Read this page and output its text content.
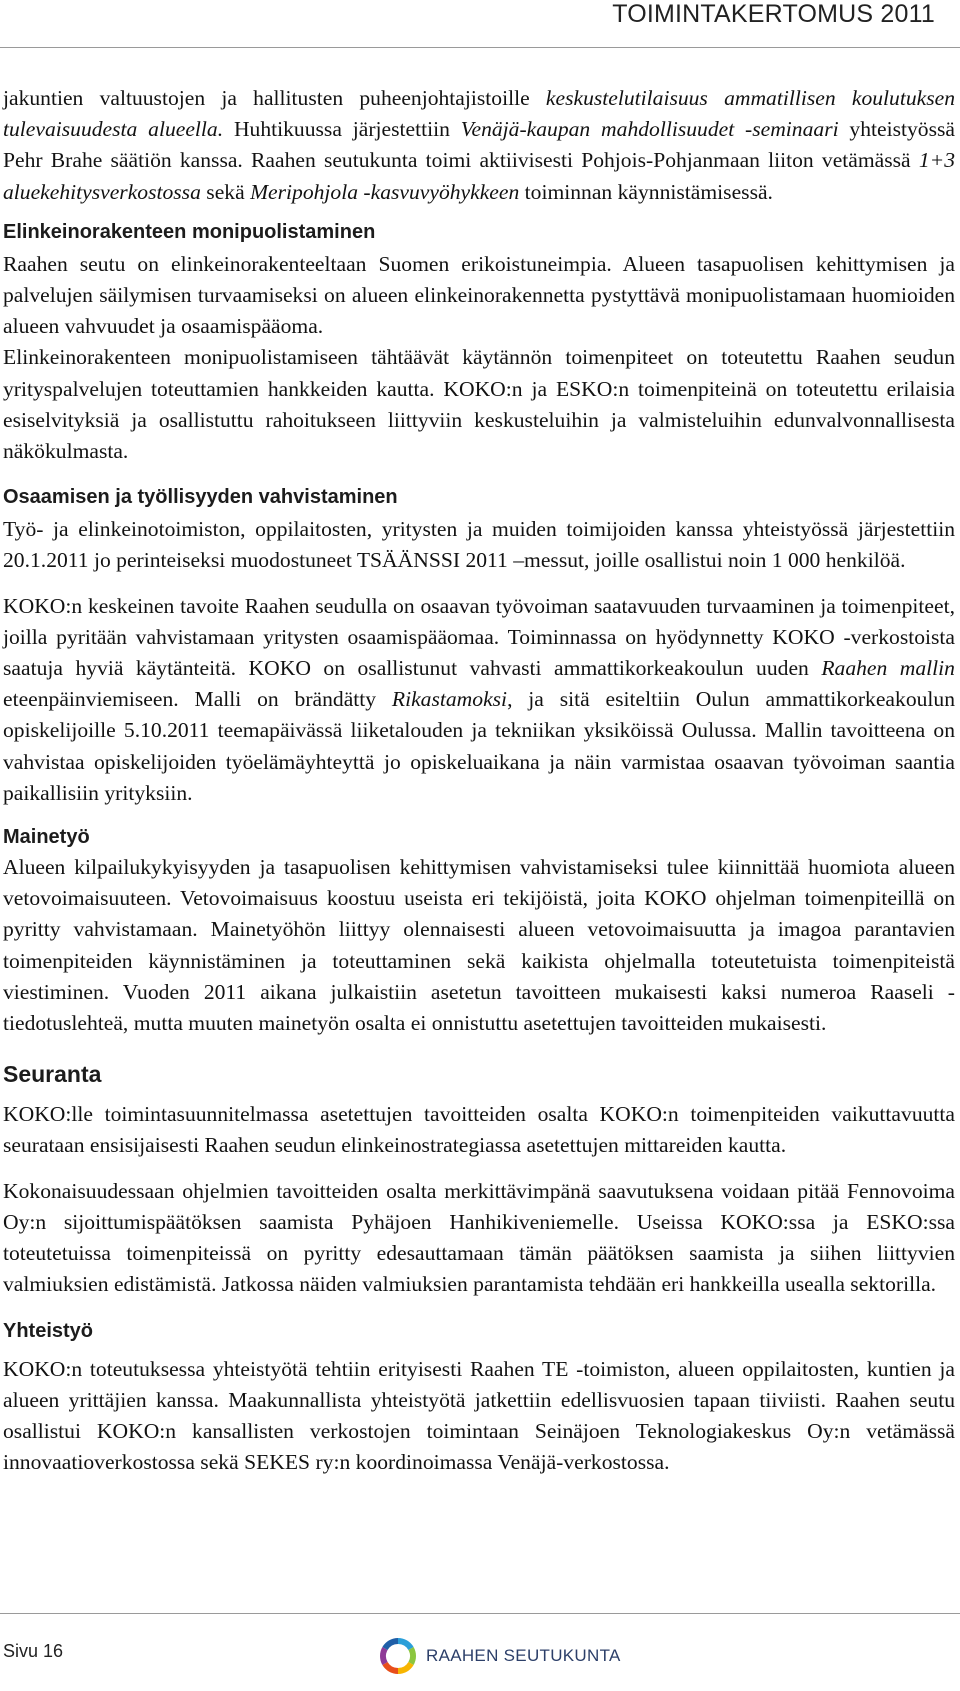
TOIMINTAKERTOMUS 2011

jakuntien valtuustojen ja hallitusten puheenjohtajistoille keskustelutilaisuus ammatillisen koulutuksen tulevaisuudesta alueella. Huhtikuussa järjestettiin Venäjä-kaupan mahdollisuudet -seminaari yhteistyössä Pehr Brahe säätiön kanssa. Raahen seutukunta toimi aktiivisesti Pohjois-Pohjanmaan liiton vetämässä 1+3 aluekehitysverkostossa sekä Meripohjola -kasvuvyöhykkeen toiminnan käynnistämisessä.

Elinkeinorakenteen monipuolistaminen

Raahen seutu on elinkeinorakenteeltaan Suomen erikoistuneimpia. Alueen tasapuolisen kehittymisen ja palvelujen säilymisen turvaamiseksi on alueen elinkeinorakennetta pystyttävä monipuolistamaan huomioiden alueen vahvuudet ja osaamispääoma.

Elinkeinorakenteen monipuolistamiseen tähtäävät käytännön toimenpiteet on toteutettu Raahen seudun yrityspalvelujen toteuttamien hankkeiden kautta. KOKO:n ja ESKO:n toimenpiteinä on toteutettu erilaisia esiselvityksiä ja osallistuttu rahoitukseen liittyviin keskusteluihin ja valmisteluihin edunvalvonnallisesta näkökulmasta.

Osaamisen ja työllisyyden vahvistaminen

Työ- ja elinkeinotoimiston, oppilaitosten, yritysten ja muiden toimijoiden kanssa yhteistyössä järjestettiin 20.1.2011 jo perinteiseksi muodostuneet TSÄÄNSSI 2011 –messut, joille osallistui noin 1 000 henkilöä.

KOKO:n keskeinen tavoite Raahen seudulla on osaavan työvoiman saatavuuden turvaaminen ja toimenpiteet, joilla pyritään vahvistamaan yritysten osaamispääomaa. Toiminnassa on hyödynnetty KOKO -verkostoista saatuja hyviä käytänteitä. KOKO on osallistunut vahvasti ammattikorkeakoulun uuden Raahen mallin eteenpäinviemiseen. Malli on brändätty Rikastamoksi, ja sitä esiteltiin Oulun ammattikorkeakoulun opiskelijoille 5.10.2011 teemapäivässä liiketalouden ja tekniikan yksiköissä Oulussa. Mallin tavoitteena on vahvistaa opiskelijoiden työelämäyhteyttä jo opiskeluaikana ja näin varmistaa osaavan työvoiman saantia paikallisiin yrityksiin.

Mainetyö

Alueen kilpailukykyisyyden ja tasapuolisen kehittymisen vahvistamiseksi tulee kiinnittää huomiota alueen vetovoimaisuuteen. Vetovoimaisuus koostuu useista eri tekijöistä, joita KOKO ohjelman toimenpiteillä on pyritty vahvistamaan. Mainetyöhön liittyy olennaisesti alueen vetovoimaisuutta ja imagoa parantavien toimenpiteiden käynnistäminen ja toteuttaminen sekä kaikista ohjelmalla toteutetuista toimenpiteistä viestiminen. Vuoden 2011 aikana julkaistiin asetetun tavoitteen mukaisesti kaksi numeroa Raaseli -tiedotuslehteä, mutta muuten mainetyön osalta ei onnistuttu asetettujen tavoitteiden mukaisesti.

Seuranta

KOKO:lle toimintasuunnitelmassa asetettujen tavoitteiden osalta KOKO:n toimenpiteiden vaikuttavuutta seurataan ensisijaisesti Raahen seudun elinkeinostrategiassa asetettujen mittareiden kautta.

Kokonaisuudessaan ohjelmien tavoitteiden osalta merkittävimpänä saavutuksena voidaan pitää Fennovoima Oy:n sijoittumispäätöksen saamista Pyhäjoen Hanhikiveniemelle. Useissa KOKO:ssa ja ESKO:ssa toteutetuissa toimenpiteissä on pyritty edesauttamaan tämän päätöksen saamista ja siihen liittyvien valmiuksien edistämistä. Jatkossa näiden valmiuksien parantamista tehdään eri hankkeilla usealla sektorilla.

Yhteistyö

KOKO:n toteutuksessa yhteistyötä tehtiin erityisesti Raahen TE -toimiston, alueen oppilaitosten, kuntien ja alueen yrittäjien kanssa. Maakunnallista yhteistyötä jatkettiin edellisvuosien tapaan tiiviisti. Raahen seutu osallistui KOKO:n kansallisten verkostojen toimintaan Seinäjoen Teknologiakeskus Oy:n vetämässä innovaatioverkostossa sekä SEKES ry:n koordinoimassa Venäjä-verkostossa.

Sivu 16	RAAHEN SEUTUKUNTA
